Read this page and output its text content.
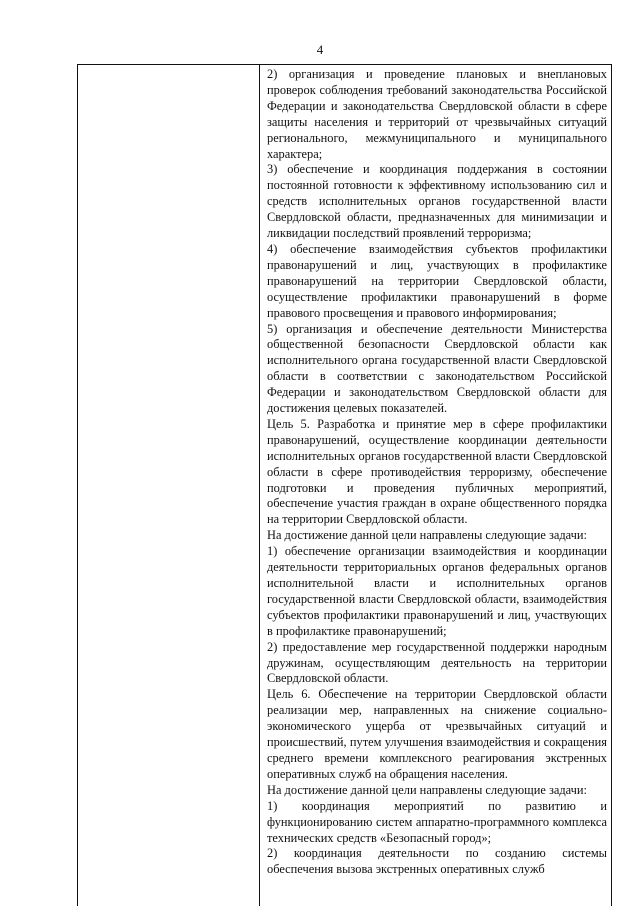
4

2) организация и проведение плановых и внеплановых проверок соблюдения требований законодательства Российской Федерации и законодательства Свердловской области в сфере защиты населения и территорий от чрезвычайных ситуаций регионального, межмуниципального и муниципального характера;

3) обеспечение и координация поддержания в состоянии постоянной готовности к эффективному использованию сил и средств исполнительных органов государственной власти Свердловской области, предназначенных для минимизации и ликвидации последствий проявлений терроризма;

4) обеспечение взаимодействия субъектов профилактики правонарушений и лиц, участвующих в профилактике правонарушений на территории Свердловской области, осуществление профилактики правонарушений в форме правового просвещения и правового информирования;

5) организация и обеспечение деятельности Министерства общественной безопасности Свердловской области как исполнительного органа государственной власти Свердловской области в соответствии с законодательством Российской Федерации и законодательством Свердловской области для достижения целевых показателей.

Цель 5. Разработка и принятие мер в сфере профилактики правонарушений, осуществление координации деятельности исполнительных органов государственной власти Свердловской области в сфере противодействия терроризму, обеспечение подготовки и проведения публичных мероприятий, обеспечение участия граждан в охране общественного порядка на территории Свердловской области.

На достижение данной цели направлены следующие задачи:

1) обеспечение организации взаимодействия и координации деятельности территориальных органов федеральных органов исполнительной власти и исполнительных органов государственной власти Свердловской области, взаимодействия субъектов профилактики правонарушений и лиц, участвующих в профилактике правонарушений;

2) предоставление мер государственной поддержки народным дружинам, осуществляющим деятельность на территории Свердловской области.

Цель 6. Обеспечение на территории Свердловской области реализации мер, направленных на снижение социально-экономического ущерба от чрезвычайных ситуаций и происшествий, путем улучшения взаимодействия и сокращения среднего времени комплексного реагирования экстренных оперативных служб на обращения населения.

На достижение данной цели направлены следующие задачи:

1) координация мероприятий по развитию и функционированию систем аппаратно-программного комплекса технических средств «Безопасный город»;

2) координация деятельности по созданию системы обеспечения вызова экстренных оперативных служб
